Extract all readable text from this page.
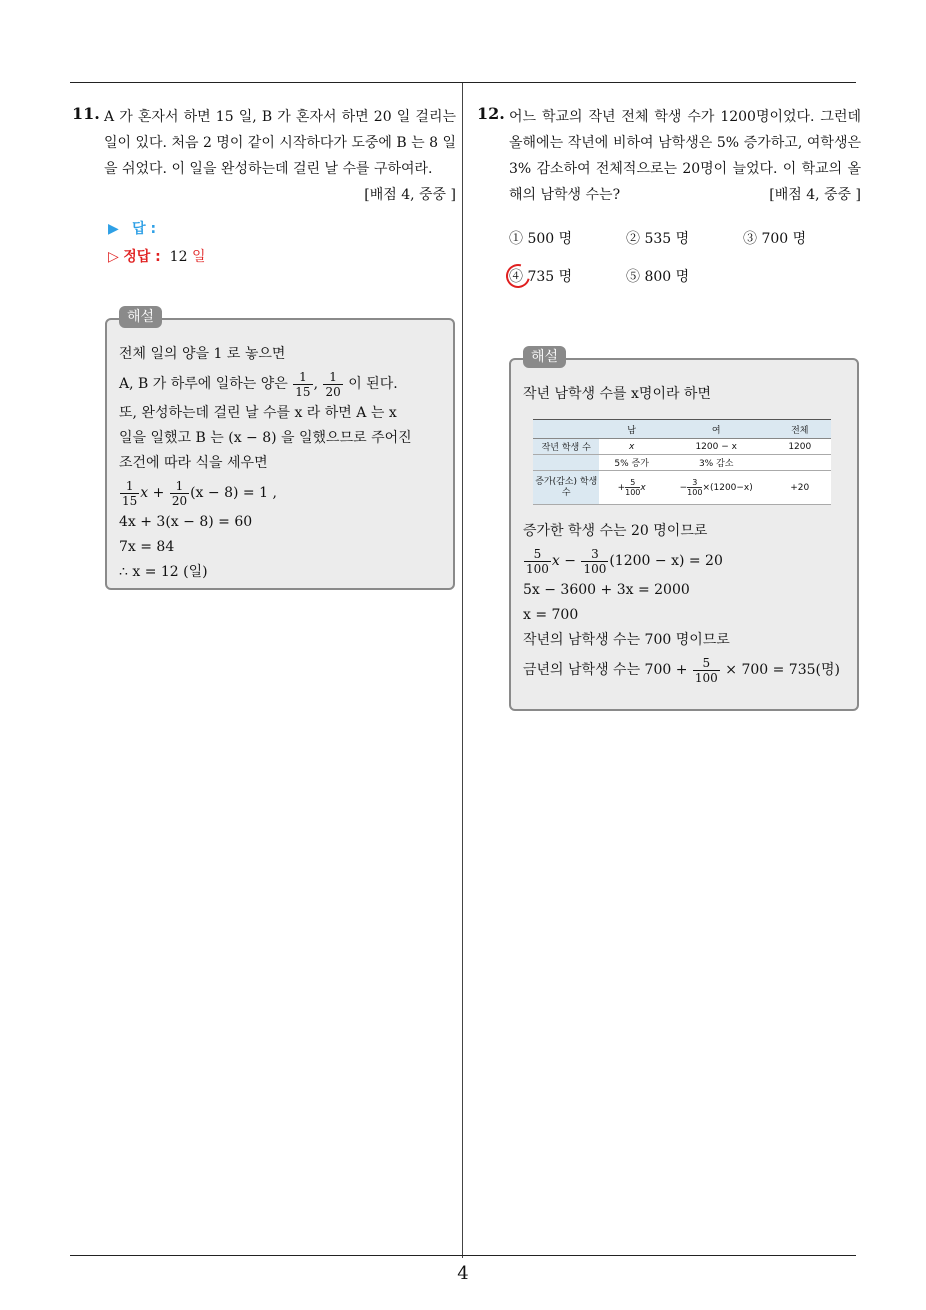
11. A 가 혼자서 하면 15 일, B 가 혼자서 하면 20 일 걸리는 일이 있다. 처음 2 명이 같이 시작하다가 도중에 B 는 8 일을 쉬었다. 이 일을 완성하는데 걸린 날 수를 구하여라.
[배점 4, 중중 ]
▶ 답 :
▷ 정답 : 12 일
해설
전체 일의 양을 1 로 놓으면
A, B 가 하루에 일하는 양은 $\frac{1}{15}$ , $\frac{1}{20}$ 이 된다.
또, 완성하는데 걸린 날 수를 x 라 하면 A 는 x
일을 일했고 B 는 (x − 8) 을 일했으므로 주어진
조건에 따라 식을 세우면
$\frac{1}{15}$ $x + \frac{1}{20} (x - 8) = 1$ ,
4x + 3(x − 8) = 60
7x = 84
∴ x = 12 (일)
12. 어느 학교의 작년 전체 학생 수가 1200명이었다. 그런데 올해에는 작년에 비하여 남학생은 5% 증가하고, 여학생은 3% 감소하여 전체적으로는 20명이 늘었다. 이 학교의 올해의 남학생 수는?	[배점 4, 중중 ]
① 500 명	② 535 명	③ 700 명
④ 735 명	⑤ 800 명
해설
작년 남학생 수를 x명이라 하면
	남	여	전체
작년 학생 수	x	1200 − x	1200
	5% 증가	3% 감소	
증가(감소) 학생 수	+ $\frac{5}{100}x$	− $\frac{3}{100}\times(1200-x)$	+20
증가한 학생 수는 20 명이므로
$\frac{5}{100}$ $x - \frac{3}{100} (1200 - x) = 20$
5x − 3600 + 3x = 2000
x = 700
작년의 남학생 수는 700 명이므로
금년의 남학생 수는 $700 + \frac{5}{100} \times 700 = 735$(명)
4
